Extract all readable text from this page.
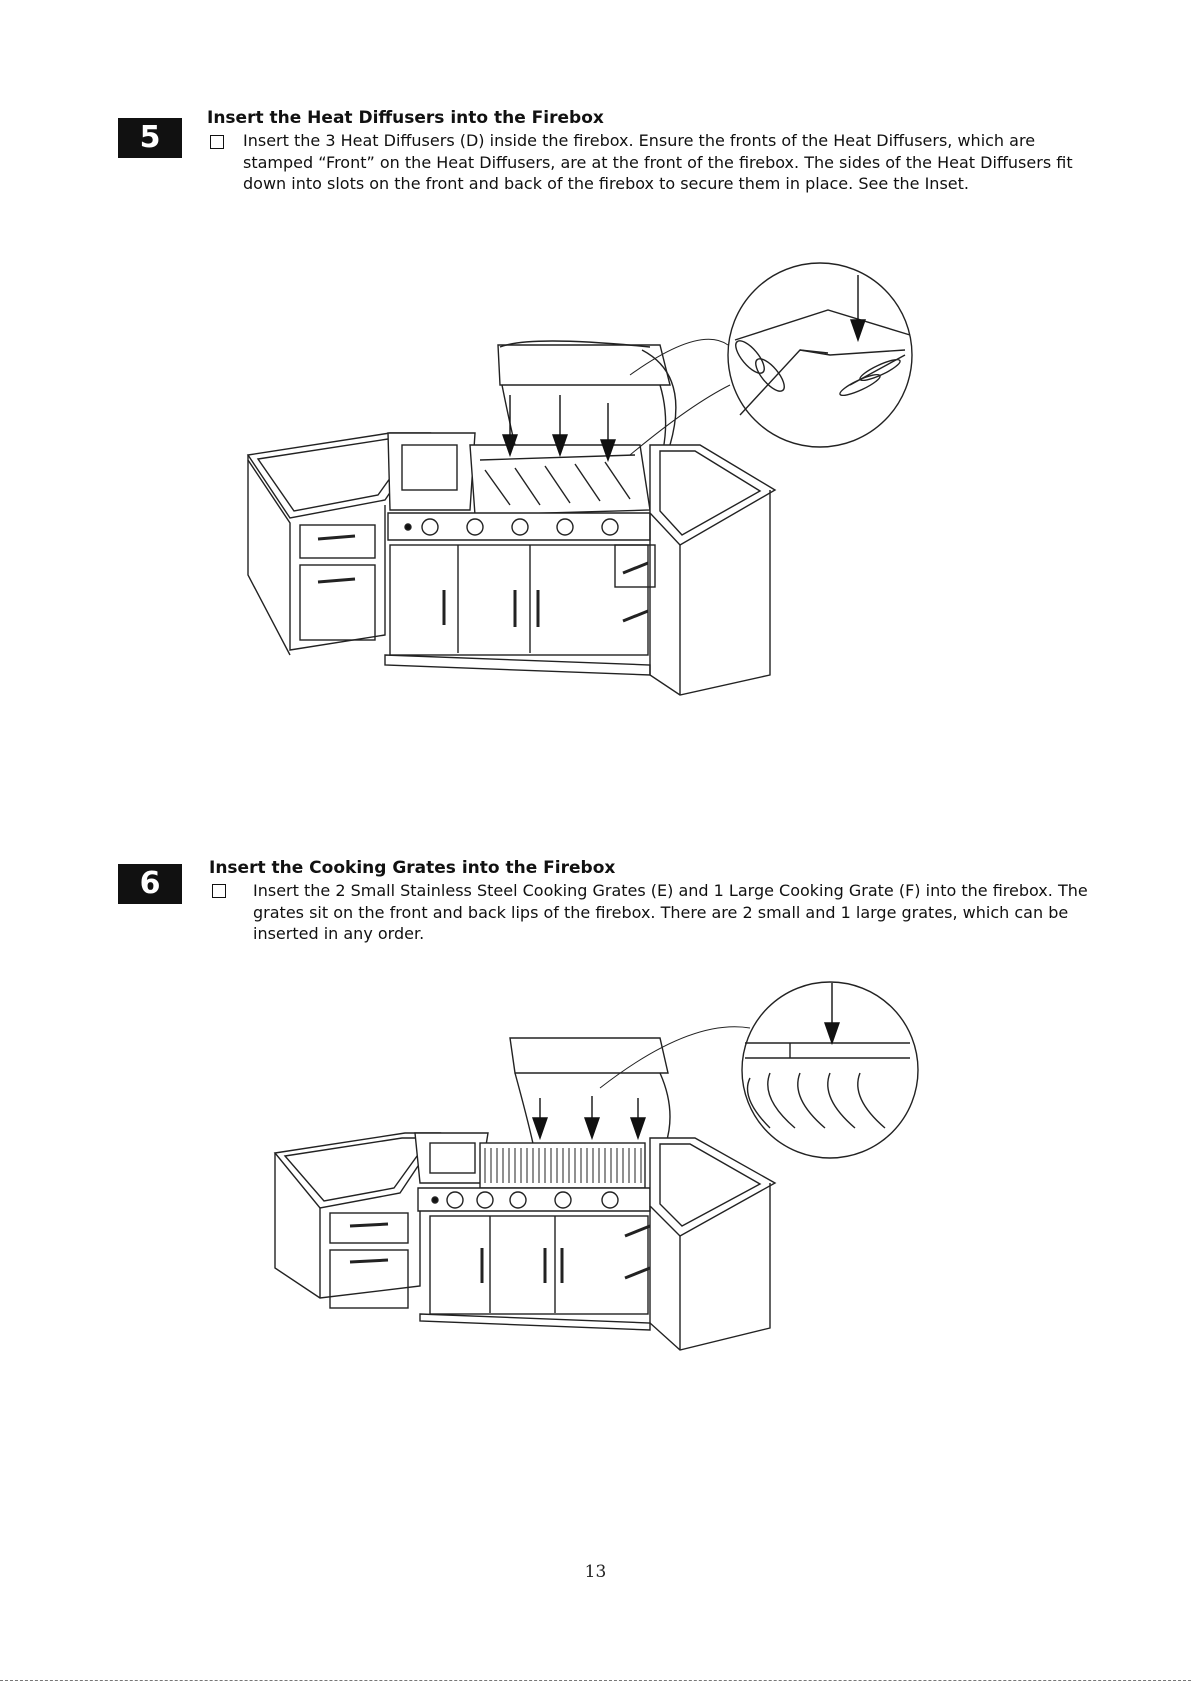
5
Insert the Heat Diffusers into the Firebox
Insert the 3 Heat Diffusers (D) inside the firebox. Ensure the fronts of the Heat Diffusers, which are stamped “Front” on the Heat Diffusers, are at the front of the firebox. The sides of the Heat Diffusers fit down into slots on the front and back of the firebox to secure them in place. See the Inset.
6	Insert the Cooking Grates into the Firebox
Insert the 2 Small Stainless Steel Cooking Grates (E) and 1 Large Cooking Grate (F) into the firebox. The grates sit on the front and back lips of the firebox. There are 2 small and 1 large grates, which can be inserted in any order.
13
